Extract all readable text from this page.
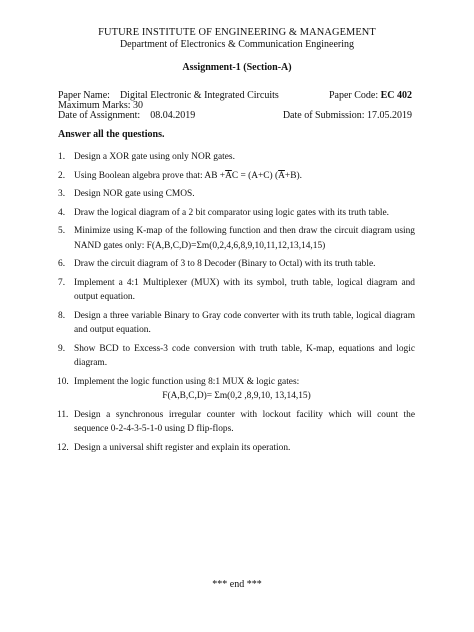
FUTURE INSTITUTE OF ENGINEERING & MANAGEMENT
Department of Electronics & Communication Engineering
Assignment-1 (Section-A)
Paper Name: Digital Electronic & Integrated Circuits	Paper Code: EC 402
Maximum Marks: 30
Date of Assignment: 08.04.2019	Date of Submission: 17.05.2019
Answer all the questions.
1. Design a XOR gate using only NOR gates.
2. Using Boolean algebra prove that: AB $+\overline{A}C = (A+C)$ $(\overline{A}+B)$.
3. Design NOR gate using CMOS.
4. Draw the logical diagram of a 2 bit comparator using logic gates with its truth table.
5. Minimize using K-map of the following function and then draw the circuit diagram using NAND gates only: F(A,B,C,D)=Σm(0,2,4,6,8,9,10,11,12,13,14,15)
6. Draw the circuit diagram of 3 to 8 Decoder (Binary to Octal) with its truth table.
7. Implement a 4:1 Multiplexer (MUX) with its symbol, truth table, logical diagram and output equation.
8. Design a three variable Binary to Gray code converter with its truth table, logical diagram and output equation.
9. Show BCD to Excess-3 code conversion with truth table, K-map, equations and logic diagram.
10. Implement the logic function using 8:1 MUX & logic gates:
F(A,B,C,D)= Σm(0,2 ,8,9,10, 13,14,15)
11. Design a synchronous irregular counter with lockout facility which will count the sequence 0-2-4-3-5-1-0 using D flip-flops.
12. Design a universal shift register and explain its operation.
*** end ***
